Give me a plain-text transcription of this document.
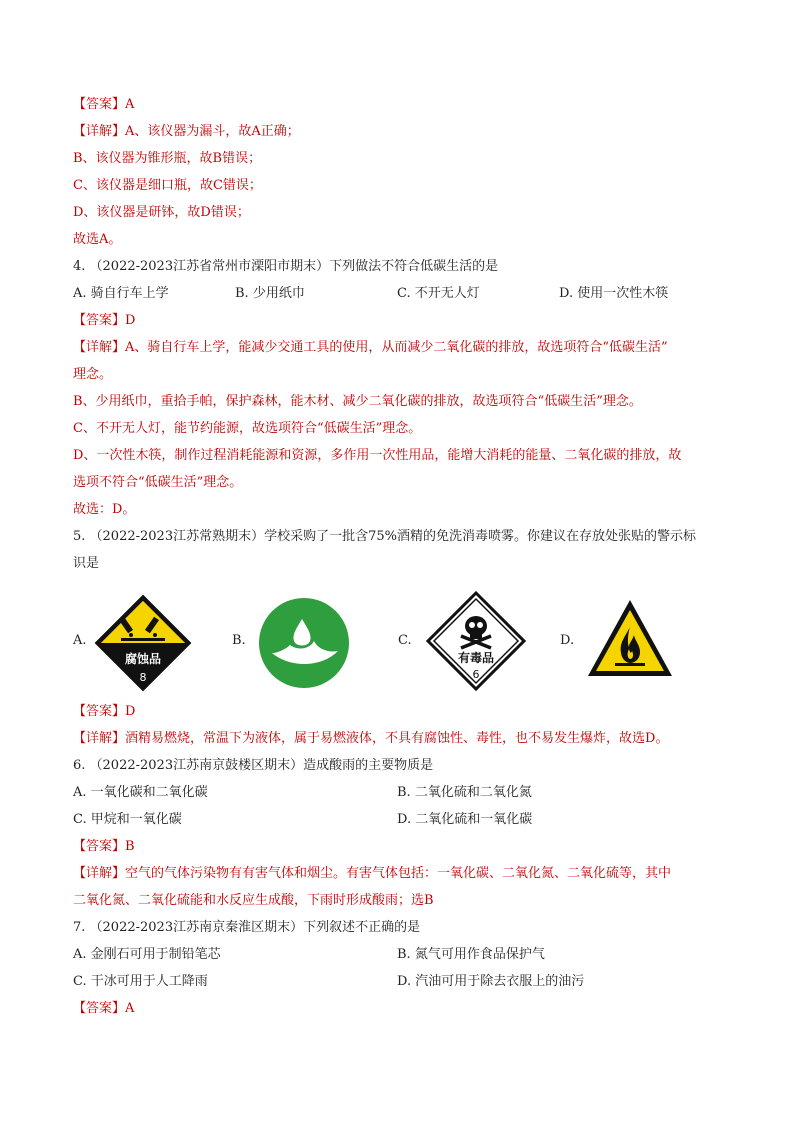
【答案】A
【详解】A、该仪器为漏斗，故A正确；
B、该仪器为锥形瓶，故B错误；
C、该仪器是细口瓶，故C错误；
D、该仪器是研钵，故D错误；
故选A。
4. （2022-2023江苏省常州市溧阳市期末）下列做法不符合低碳生活的是
A. 骑自行车上学	B. 少用纸巾	C. 不开无人灯	D. 使用一次性木筷
【答案】D
【详解】A、骑自行车上学，能减少交通工具的使用，从而减少二氧化碳的排放，故选项符合“低碳生活”
理念。
B、少用纸巾，重拾手帕，保护森林，能木材、减少二氧化碳的排放，故选项符合“低碳生活”理念。
C、不开无人灯，能节约能源，故选项符合“低碳生活”理念。
D、一次性木筷，制作过程消耗能源和资源，多作用一次性用品，能增大消耗的能量、二氧化碳的排放，故
选项不符合“低碳生活”理念。
故选：D。
5. （2022-2023江苏常熟期末）学校采购了一批含75%酒精的免洗消毒喷雾。你建议在存放处张贴的警示标
识是
A.
腐蚀品
8
B.	C.
有毒品
6
D.
【答案】D
【详解】酒精易燃烧，常温下为液体，属于易燃液体，不具有腐蚀性、毒性，也不易发生爆炸，故选D。
6. （2022-2023江苏南京鼓楼区期末）造成酸雨的主要物质是
A. 一氧化碳和二氧化碳	B. 二氧化硫和二氧化氮
C. 甲烷和一氧化碳	D. 二氧化硫和一氧化碳
【答案】B
【详解】空气的气体污染物有有害气体和烟尘。有害气体包括：一氧化碳、二氧化氮、二氧化硫等，其中
二氧化氮、二氧化硫能和水反应生成酸，下雨时形成酸雨；选B
7. （2022-2023江苏南京秦淮区期末）下列叙述不正确的是
A. 金刚石可用于制铅笔芯	B. 氮气可用作食品保护气
C. 干冰可用于人工降雨	D. 汽油可用于除去衣服上的油污
【答案】A
